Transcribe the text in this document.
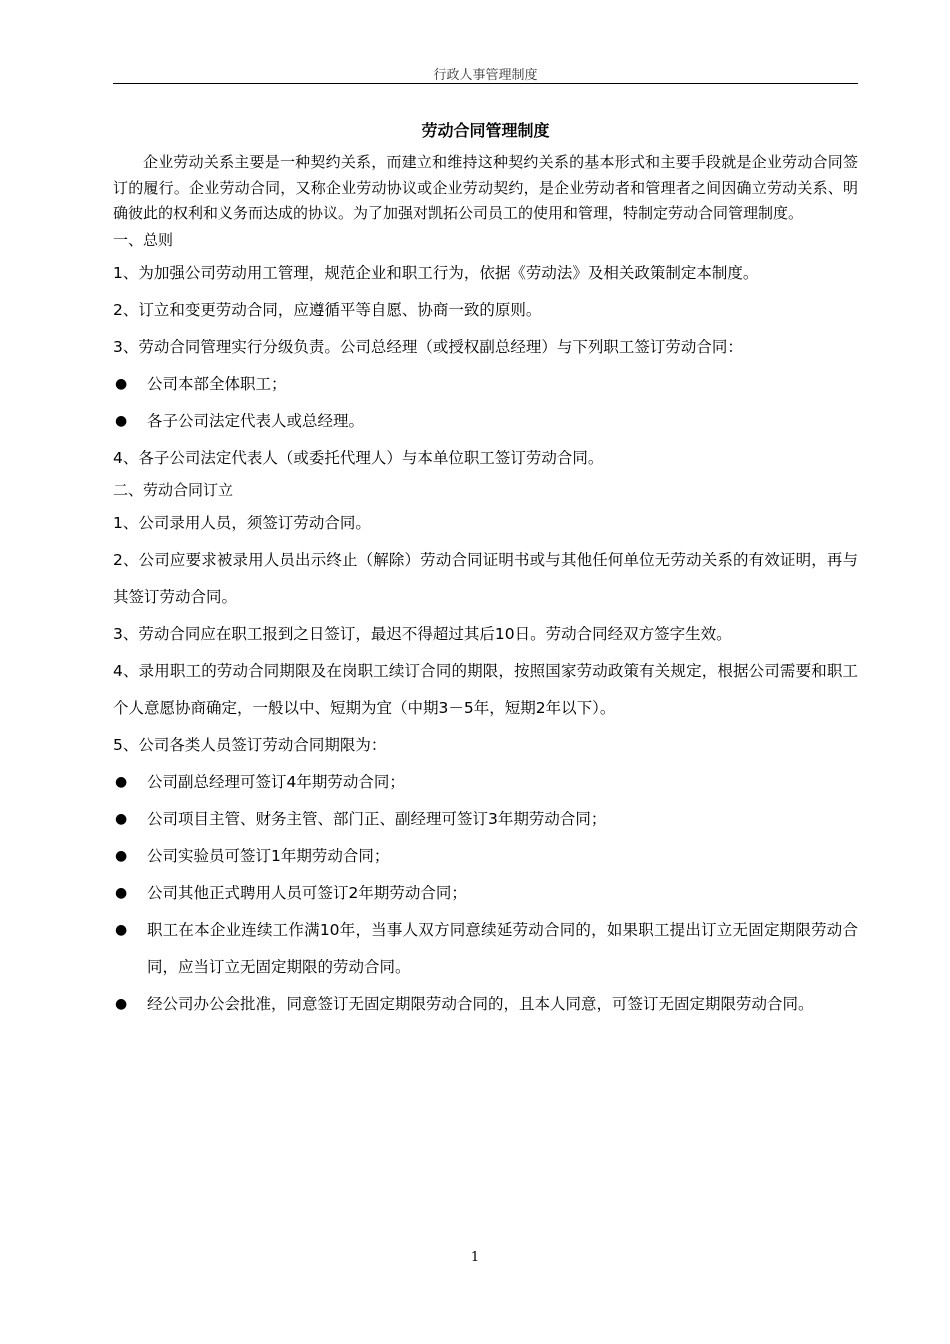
行政人事管理制度
劳动合同管理制度

企业劳动关系主要是一种契约关系，而建立和维持这种契约关系的基本形式和主要手段就是企业劳动合同签订的履行。企业劳动合同，又称企业劳动协议或企业劳动契约，是企业劳动者和管理者之间因确立劳动关系、明确彼此的权利和义务而达成的协议。为了加强对凯拓公司员工的使用和管理，特制定劳动合同管理制度。

一、总则

1、为加强公司劳动用工管理，规范企业和职工行为，依据《劳动法》及相关政策制定本制度。

2、订立和变更劳动合同，应遵循平等自愿、协商一致的原则。

3、劳动合同管理实行分级负责。公司总经理（或授权副总经理）与下列职工签订劳动合同：

● 公司本部全体职工；

● 各子公司法定代表人或总经理。

4、各子公司法定代表人（或委托代理人）与本单位职工签订劳动合同。

二、劳动合同订立

1、公司录用人员，须签订劳动合同。

2、公司应要求被录用人员出示终止（解除）劳动合同证明书或与其他任何单位无劳动关系的有效证明，再与其签订劳动合同。

3、劳动合同应在职工报到之日签订，最迟不得超过其后10日。劳动合同经双方签字生效。

4、录用职工的劳动合同期限及在岗职工续订合同的期限，按照国家劳动政策有关规定，根据公司需要和职工个人意愿协商确定，一般以中、短期为宜（中期3－5年，短期2年以下）。

5、公司各类人员签订劳动合同期限为：

● 公司副总经理可签订4年期劳动合同；

● 公司项目主管、财务主管、部门正、副经理可签订3年期劳动合同；

● 公司实验员可签订1年期劳动合同；

● 公司其他正式聘用人员可签订2年期劳动合同；

● 职工在本企业连续工作满10年，当事人双方同意续延劳动合同的，如果职工提出订立无固定期限劳动合同，应当订立无固定期限的劳动合同。

● 经公司办公会批准，同意签订无固定期限劳动合同的，且本人同意，可签订无固定期限劳动合同。

1
